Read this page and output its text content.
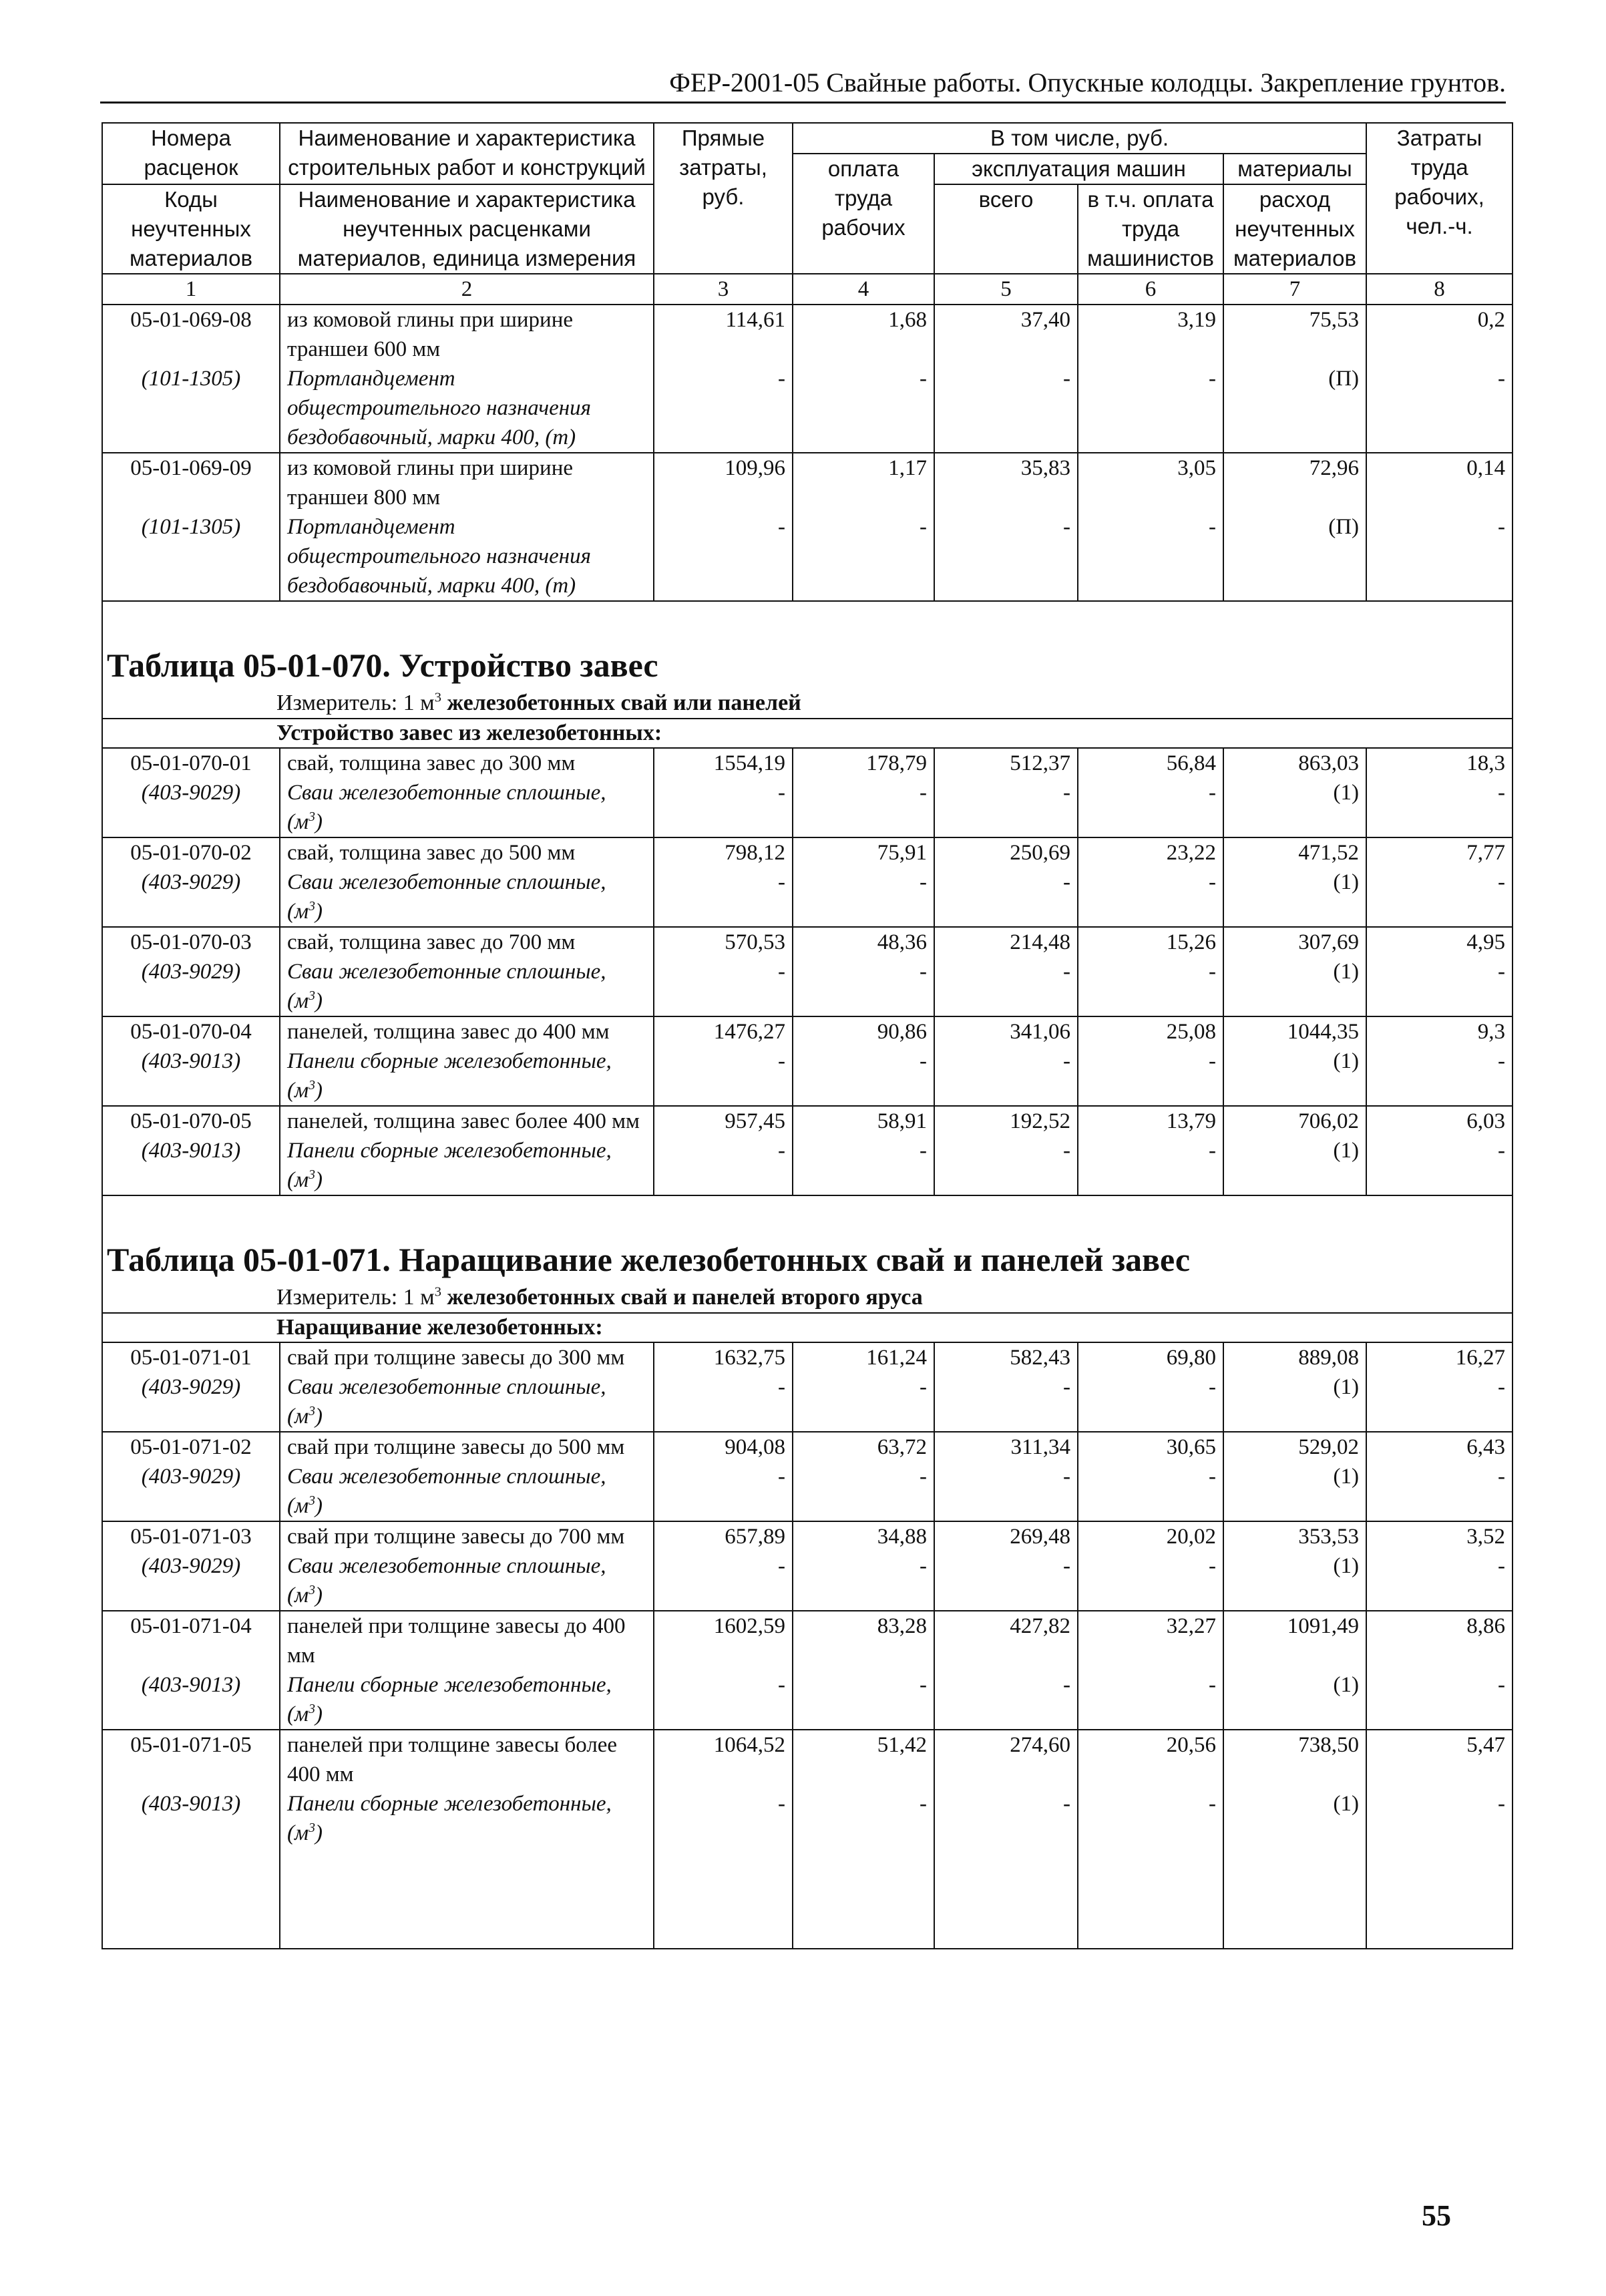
ФЕР-2001-05 Свайные работы. Опускные колодцы. Закрепление грунтов.
Номера расценок	Наименование и характеристика строительных работ и конструкций	Прямые затраты, руб.	В том числе, руб.				Затраты труда рабочих, чел.-ч.
			оплата труда рабочих	эксплуатация машин		материалы	
Коды неучтенных материалов	Наименование и характеристика неучтенных расценками материалов, единица измерения			всего	в т.ч. оплата труда машинистов	расход неучтенных материалов	

1	2	3	4	5	6	7	8
05-01-069-08	из комовой глины при ширине траншеи 600 мм	114,61	1,68	37,40	3,19	75,53	0,2
(101-1305)	Портландцемент общестроительного назначения бездобавочный, марки 400, (т)	-	-	-	-	(П)	-
05-01-069-09	из комовой глины при ширине траншеи 800 мм	109,96	1,17	35,83	3,05	72,96	0,14
(101-1305)	Портландцемент общестроительного назначения бездобавочный, марки 400, (т)	-	-	-	-	(П)	-

Таблица 05-01-070. Устройство завес							

Измеритель: 1 $м^3$ железобетонных свай или панелей							

Устройство завес из железобетонных:							

05-01-070-01	свай, толщина завес до 300 мм	1554,19	178,79	512,37	56,84	863,03	18,3
(403-9029)	Сваи железобетонные сплошные, $(м^3)$	-	-	-	-	(1)	-
05-01-070-02	свай, толщина завес до 500 мм	798,12	75,91	250,69	23,22	471,52	7,77
(403-9029)	Сваи железобетонные сплошные, $(м^3)$	-	-	-	-	(1)	-
05-01-070-03	свай, толщина завес до 700 мм	570,53	48,36	214,48	15,26	307,69	4,95
(403-9029)	Сваи железобетонные сплошные, $(м^3)$	-	-	-	-	(1)	-
05-01-070-04	панелей, толщина завес до 400 мм	1476,27	90,86	341,06	25,08	1044,35	9,3
(403-9013)	Панели сборные железобетонные, $(м^3)$	-	-	-	-	(1)	-
05-01-070-05	панелей, толщина завес более 400 мм	957,45	58,91	192,52	13,79	706,02	6,03
(403-9013)	Панели сборные железобетонные, $(м^3)$	-	-	-	-	(1)	-

Таблица 05-01-071. Наращивание железобетонных свай и панелей завес							

Измеритель: 1 $м^3$ железобетонных свай и панелей второго яруса							

Наращивание железобетонных:							

05-01-071-01	свай при толщине завесы до 300 мм	1632,75	161,24	582,43	69,80	889,08	16,27
(403-9029)	Сваи железобетонные сплошные, $(м^3)$	-	-	-	-	(1)	-
05-01-071-02	свай при толщине завесы до 500 мм	904,08	63,72	311,34	30,65	529,02	6,43
(403-9029)	Сваи железобетонные сплошные, $(м^3)$	-	-	-	-	(1)	-
05-01-071-03	свай при толщине завесы до 700 мм	657,89	34,88	269,48	20,02	353,53	3,52
(403-9029)	Сваи железобетонные сплошные, $(м^3)$	-	-	-	-	(1)	-
05-01-071-04	панелей при толщине завесы до 400 мм	1602,59	83,28	427,82	32,27	1091,49	8,86
(403-9013)	Панели сборные железобетонные, $(м^3)$	-	-	-	-	(1)	-
05-01-071-05	панелей при толщине завесы более 400 мм	1064,52	51,42	274,60	20,56	738,50	5,47
(403-9013)	Панели сборные железобетонные, $(м^3)$	-	-	-	-	(1)	-

55
